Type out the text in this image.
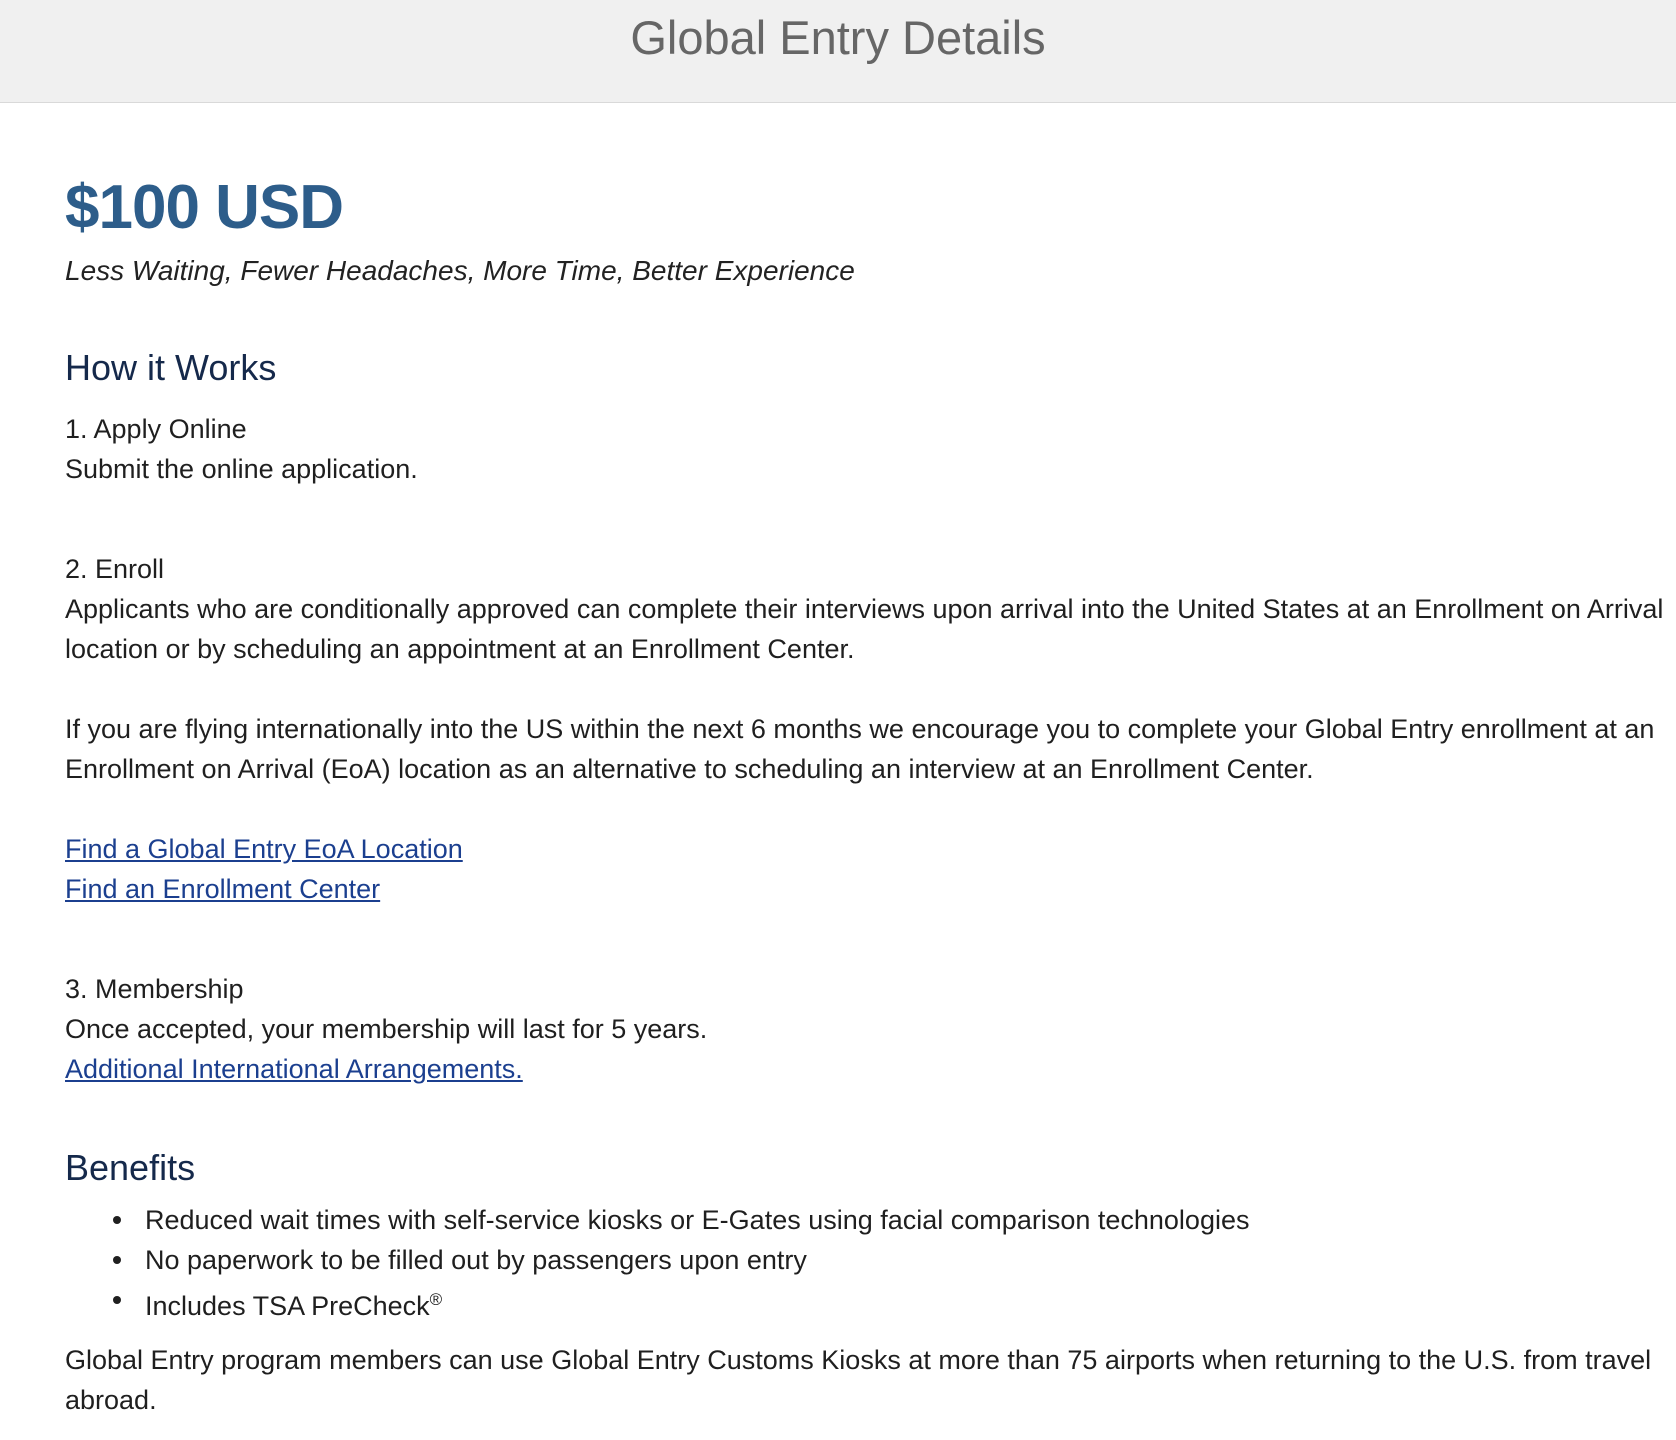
Global Entry Details
$100 USD
Less Waiting, Fewer Headaches, More Time, Better Experience
How it Works
1. Apply Online
Submit the online application.
2. Enroll
Applicants who are conditionally approved can complete their interviews upon arrival into the United States at an Enrollment on Arrival location or by scheduling an appointment at an Enrollment Center.
If you are flying internationally into the US within the next 6 months we encourage you to complete your Global Entry enrollment at an Enrollment on Arrival (EoA) location as an alternative to scheduling an interview at an Enrollment Center.
Find a Global Entry EoA Location
Find an Enrollment Center
3. Membership
Once accepted, your membership will last for 5 years.
Additional International Arrangements.
Benefits
Reduced wait times with self-service kiosks or E-Gates using facial comparison technologies
No paperwork to be filled out by passengers upon entry
Includes TSA PreCheck®
Global Entry program members can use Global Entry Customs Kiosks at more than 75 airports when returning to the U.S. from travel abroad.
